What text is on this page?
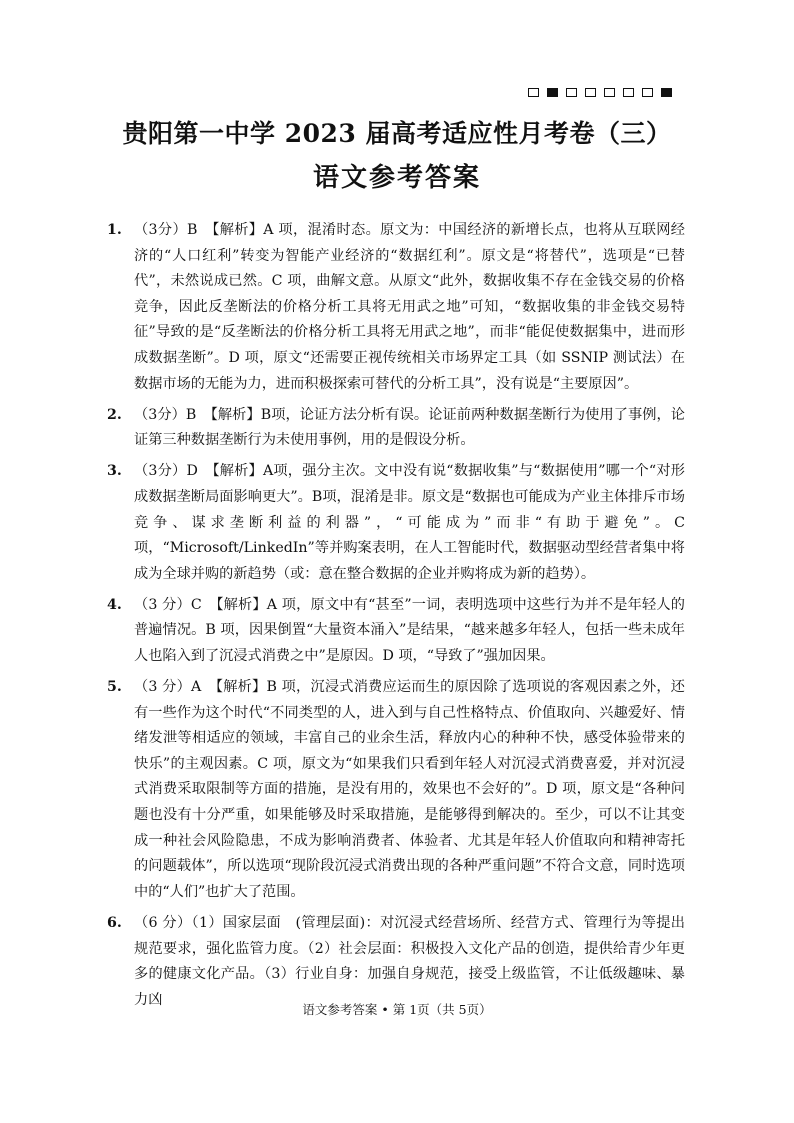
贵阳第一中学 2023 届高考适应性月考卷（三）
语文参考答案
1. （3分）B　【解析】A 项，混淆时态。原文为：中国经济的新增长点，也将从互联网经济的“人口红利”转变为智能产业经济的“数据红利”。原文是“将替代”，选项是“已替代”，未然说成已然。C 项，曲解文意。从原文“此外，数据收集不存在金钱交易的价格竞争，因此反垄断法的价格分析工具将无用武之地”可知，“数据收集的非金钱交易特征”导致的是“反垄断法的价格分析工具将无用武之地”，而非“能促使数据集中，进而形成数据垄断”。D 项，原文“还需要正视传统相关市场界定工具（如 SSNIP 测试法）在数据市场的无能为力，进而积极探索可替代的分析工具”，没有说是“主要原因”。
2. （3分）B　【解析】B项，论证方法分析有误。论证前两种数据垄断行为使用了事例，论证第三种数据垄断行为未使用事例，用的是假设分析。
3. （3分）D　【解析】A项，强分主次。文中没有说“数据收集”与“数据使用”哪一个“对形成数据垄断局面影响更大”。B项，混淆是非。原文是“数据也可能成为产业主体排斥市场竞争、谋求垄断利益的利器”，“可能成为”而非“有助于避免”。C项，“Microsoft/LinkedIn”等并购案表明，在人工智能时代，数据驱动型经营者集中将成为全球并购的新趋势（或：意在整合数据的企业并购将成为新的趋势）。
4. （3 分）C　【解析】A 项，原文中有“甚至”一词，表明选项中这些行为并不是年轻人的普遍情况。B 项，因果倒置“大量资本涌入”是结果，“越来越多年轻人，包括一些未成年人也陷入到了沉浸式消费之中”是原因。D 项，“导致了”强加因果。
5. （3 分）A　【解析】B 项，沉浸式消费应运而生的原因除了选项说的客观因素之外，还有一些作为这个时代“不同类型的人，进入到与自己性格特点、价值取向、兴趣爱好、情绪发泄等相适应的领域，丰富自己的业余生活，释放内心的种种不快，感受体验带来的快乐”的主观因素。C 项，原文为“如果我们只看到年轻人对沉浸式消费喜爱，并对沉浸式消费采取限制等方面的措施，是没有用的，效果也不会好的”。D 项，原文是“各种问题也没有十分严重，如果能够及时采取措施，是能够得到解决的。至少，可以不让其变成一种社会风险隐患，不成为影响消费者、体验者、尤其是年轻人价值取向和精神寄托的问题载体”，所以选项“现阶段沉浸式消费出现的各种严重问题”不符合文意，同时选项中的“人们”也扩大了范围。
6. （6 分）（1）国家层面　(管理层面)：对沉浸式经营场所、经营方式、管理行为等提出规范要求，强化监管力度。（2）社会层面：积极投入文化产品的创造，提供给青少年更多的健康文化产品。（3）行业自身：加强自身规范，接受上级监管，不让低级趣味、暴力凶
语文参考答案 • 第 1页（共 5页）
